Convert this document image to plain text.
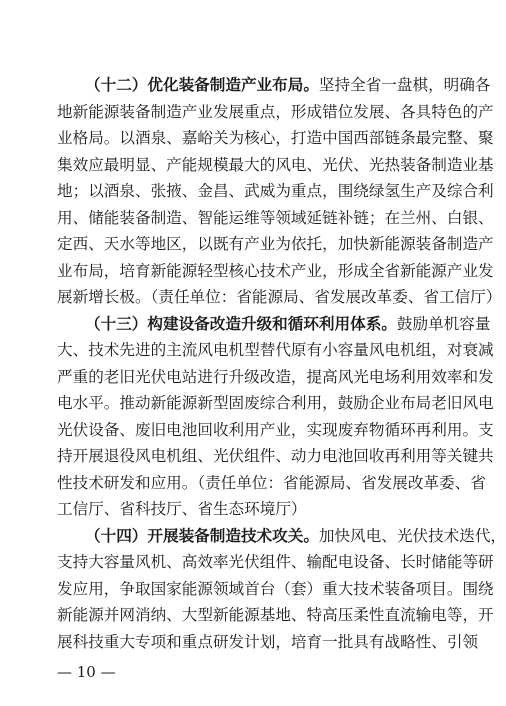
（十二）优化装备制造产业布局。坚持全省一盘棋，明确各
地新能源装备制造产业发展重点，形成错位发展、各具特色的产
业格局。以酒泉、嘉峪关为核心，打造中国西部链条最完整、聚
集效应最明显、产能规模最大的风电、光伏、光热装备制造业基
地；以酒泉、张掖、金昌、武威为重点，围绕绿氢生产及综合利
用、储能装备制造、智能运维等领域延链补链；在兰州、白银、
定西、天水等地区，以既有产业为依托，加快新能源装备制造产
业布局，培育新能源轻型核心技术产业，形成全省新能源产业发
展新增长极。（责任单位：省能源局、省发展改革委、省工信厅）
（十三）构建设备改造升级和循环利用体系。鼓励单机容量
大、技术先进的主流风电机型替代原有小容量风电机组，对衰减
严重的老旧光伏电站进行升级改造，提高风光电场利用效率和发
电水平。推动新能源新型固废综合利用，鼓励企业布局老旧风电
光伏设备、废旧电池回收利用产业，实现废弃物循环再利用。支
持开展退役风电机组、光伏组件、动力电池回收再利用等关键共
性技术研发和应用。（责任单位：省能源局、省发展改革委、省
工信厅、省科技厅、省生态环境厅）
（十四）开展装备制造技术攻关。加快风电、光伏技术迭代，
支持大容量风机、高效率光伏组件、输配电设备、长时储能等研
发应用，争取国家能源领域首台（套）重大技术装备项目。围绕
新能源并网消纳、大型新能源基地、特高压柔性直流输电等，开
展科技重大专项和重点研发计划，培育一批具有战略性、引领
— 10 —
